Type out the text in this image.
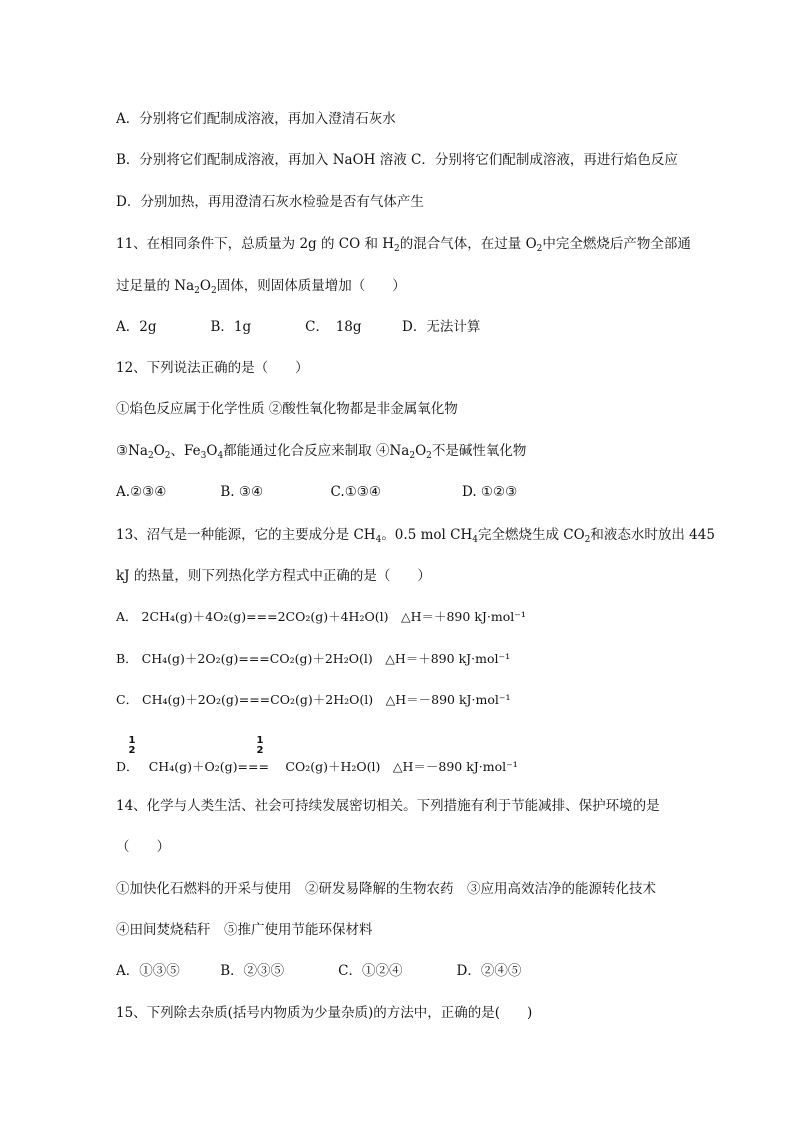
A．分别将它们配制成溶液，再加入澄清石灰水
B．分别将它们配制成溶液，再加入 NaOH 溶液 C．分别将它们配制成溶液，再进行焰色反应
D．分别加热，再用澄清石灰水检验是否有气体产生
11、在相同条件下，总质量为 2g 的 CO 和 $H_2$的混合气体，在过量 $O_2$中完全燃烧后产物全部通
过足量的 $Na_2O_2$固体，则固体质量增加（　　）
A．2g　　　　B．1g　　　　C．　18g　　　D．无法计算
12、下列说法正确的是（　　）
①焰色反应属于化学性质 ②酸性氧化物都是非金属氧化物
$③Na_2O_2$、$Fe_3O_4$都能通过化合反应来制取 $④Na_2O_2$不是碱性氧化物
A.②③④　　　　B. ③④　　　　　C.①③④　　　　　　D. ①②③
13、沼气是一种能源，它的主要成分是 $CH_4$。0.5 mol $CH_4$完全燃烧生成 $CO_2$和液态水时放出 445
kJ 的热量，则下列热化学方程式中正确的是（　　）
A． 2CH₄(g)＋4O₂(g)===2CO₂(g)＋4H₂O(l)　△H＝＋890 kJ·mol⁻¹
B． CH₄(g)＋2O₂(g)===CO₂(g)＋2H₂O(l)　△H＝＋890 kJ·mol⁻¹
C． CH₄(g)＋2O₂(g)===CO₂(g)＋2H₂O(l)　△H＝－890 kJ·mol⁻¹
1
2
1
2
D．　 CH₄(g)＋O₂(g)===　 CO₂(g)＋H₂O(l)　△H＝－890 kJ·mol⁻¹
14、化学与人类生活、社会可持续发展密切相关。下列措施有利于节能减排、保护环境的是
（　　）
①加快化石燃料的开采与使用　②研发易降解的生物农药　③应用高效洁净的能源转化技术
④田间焚烧秸秆　⑤推广使用节能环保材料
A．①③⑤　　　B．②③⑤　　　　C．①②④　　　　D．②④⑤
15、下列除去杂质(括号内物质为少量杂质)的方法中，正确的是(　　)
